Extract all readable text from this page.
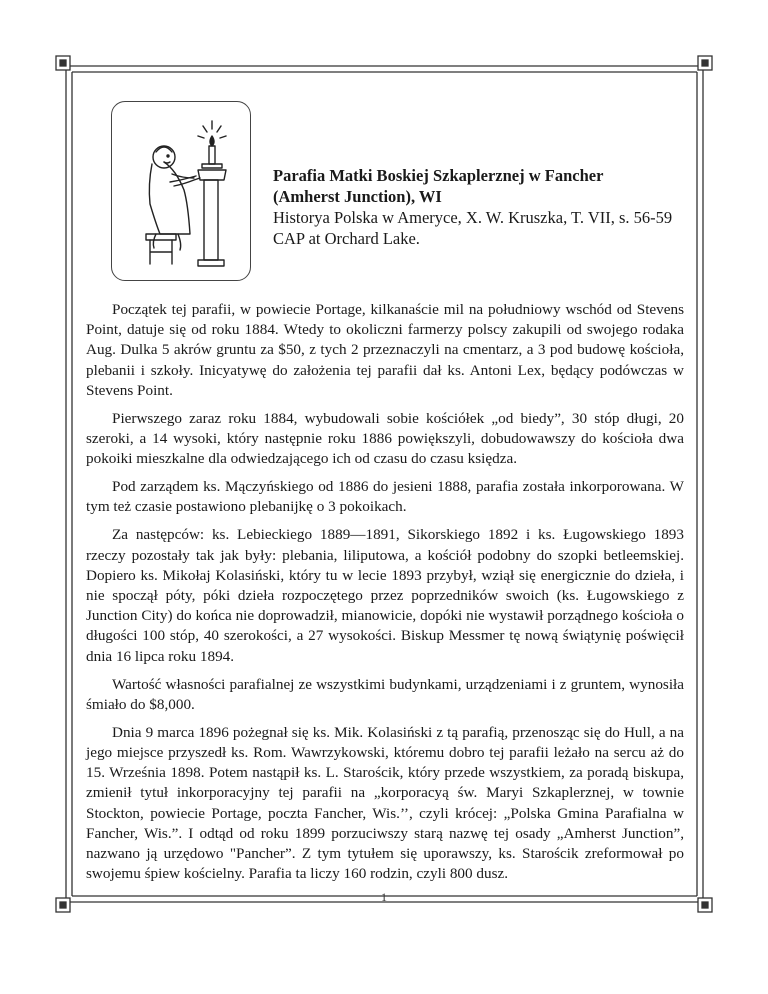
Parafia Matki Boskiej Szkaplerznej w Fancher
(Amherst Junction), WI
Historya Polska w Ameryce, X. W. Kruszka, T. VII, s. 56-59
CAP at Orchard Lake.

Początek tej parafii, w powiecie Portage, kilkanaście mil na południowy wschód od Stevens Point, datuje się od roku 1884. Wtedy to okoliczni farmerzy polscy zakupili od swojego rodaka Aug. Dulka 5 akrów gruntu za $50, z tych 2 przeznaczyli na cmentarz, a 3 pod budowę kościoła, plebanii i szkoły. Inicyatywę do założenia tej parafii dał ks. Antoni Lex, będący podówczas w Stevens Point.

Pierwszego zaraz roku 1884, wybudowali sobie kościółek „od biedy”, 30 stóp długi, 20 szeroki, a 14 wysoki, który następnie roku 1886 powiększyli, dobudowawszy do kościoła dwa pokoiki mieszkalne dla odwiedzającego ich od czasu do czasu księdza.

Pod zarządem ks. Mączyńskiego od 1886 do jesieni 1888, parafia została inkorporowana. W tym też czasie postawiono plebanijkę o 3 pokoikach.

Za następców: ks. Lebieckiego 1889—1891, Sikorskiego 1892 i ks. Ługowskiego 1893 rzeczy pozostały tak jak były: plebania, liliputowa, a kościół podobny do szopki betleemskiej. Dopiero ks. Mikołaj Kolasiński, który tu w lecie 1893 przybył, wziął się energicznie do dzieła, i nie spoczął póty, póki dzieła rozpoczętego przez poprzedników swoich (ks. Ługowskiego z Junction City) do końca nie doprowadził, mianowicie, dopóki nie wystawił porządnego kościoła o długości 100 stóp, 40 szerokości, a 27 wysokości. Biskup Messmer tę nową świątynię poświęcił dnia 16 lipca roku 1894.

Wartość własności parafialnej ze wszystkimi budynkami, urządzeniami i z gruntem, wynosiła śmiało do $8,000.

Dnia 9 marca 1896 pożegnał się ks. Mik. Kolasiński z tą parafią, przenosząc się do Hull, a na jego miejsce przyszedł ks. Rom. Wawrzykowski, któremu dobro tej parafii leżało na sercu aż do 15. Września 1898. Potem nastąpił ks. L. Starościk, który przede wszystkiem, za poradą biskupa, zmienił tytuł inkorporacyjny tej parafii na „korporacyą św. Maryi Szkaplerznej, w townie Stockton, powiecie Portage, poczta Fancher, Wis.’’, czyli krócej: „Polska Gmina Parafialna w Fancher, Wis.”. I odtąd od roku 1899 porzuciwszy starą nazwę tej osady „Amherst Junction”, nazwano ją urzędowo "Pancher”. Z tym tytułem się uporawszy, ks. Starościk zreformował po swojemu śpiew kościelny. Parafia ta liczy 160 rodzin, czyli 800 dusz.

1
